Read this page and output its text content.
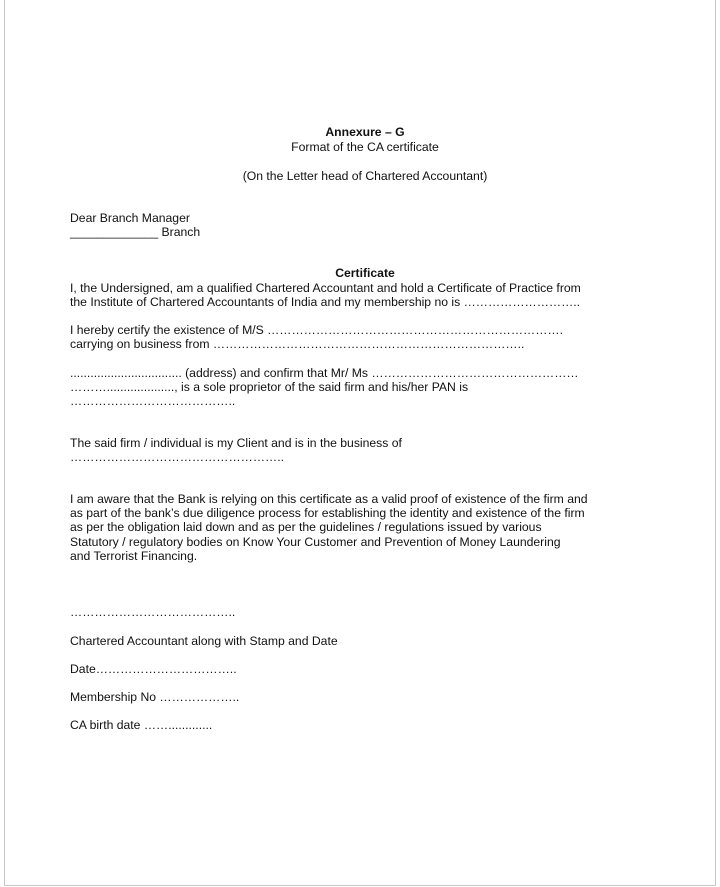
Annexure – G

Format of the CA certificate

(On the Letter head of Chartered Accountant)

Dear Branch Manager

_____________ Branch

Certificate

I, the Undersigned, am a qualified Chartered Accountant and hold a Certificate of Practice from
the Institute of Chartered Accountants of India and my membership no is ………………………..
I hereby certify the existence of M/S ……………………………………………………………….
carrying on business from …………………………………………………………………..
................................. (address) and confirm that Mr/ Ms ……………………………………………
………...................., is a sole proprietor of the said firm and his/her PAN is
…………………………………..
The said firm / individual is my Client and is in the business of
……………………………………………..
I am aware that the Bank is relying on this certificate as a valid proof of existence of the firm and
as part of the bank’s due diligence process for establishing the identity and existence of the firm
as per the obligation laid down and as per the guidelines / regulations issued by various
Statutory / regulatory bodies on Know Your Customer and Prevention of Money Laundering
and Terrorist Financing.

…………………………………..

Chartered Accountant along with Stamp and Date

Date……………………………..

Membership No ………………..

CA birth date …….............
